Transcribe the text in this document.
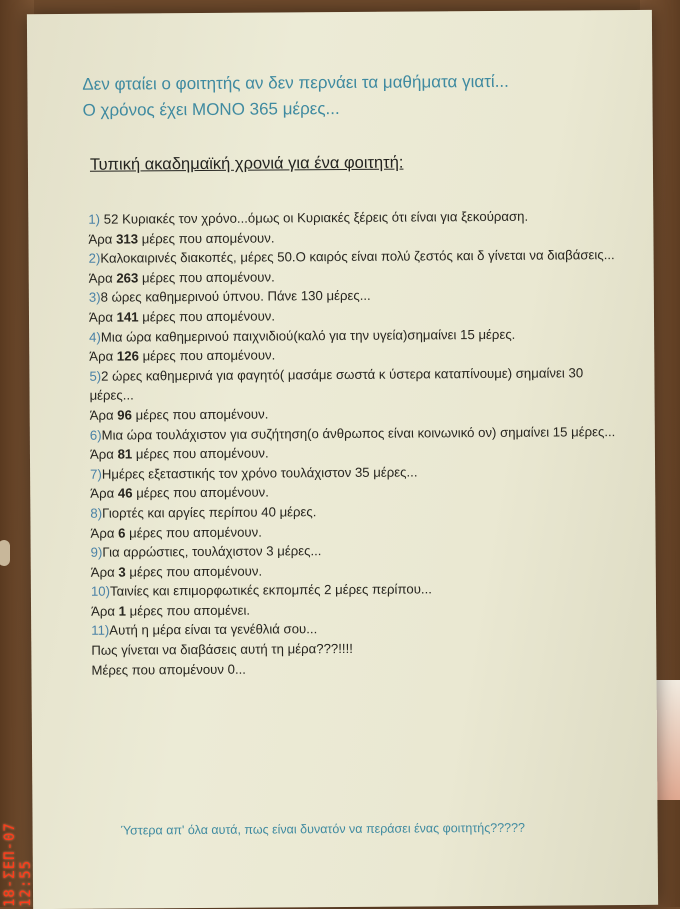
Δεν φταίει ο φοιτητής αν δεν περνάει τα μαθήματα γιατί...
Ο χρόνος έχει ΜΟΝΟ 365 μέρες...
Τυπική ακαδημαϊκή χρονιά για ένα φοιτητή:

1) 52 Κυριακές τον χρόνο...όμως οι Κυριακές ξέρεις ότι είναι για ξεκούραση.

Άρα 313 μέρες που απομένουν.

2)Καλοκαιρινές διακοπές, μέρες 50.Ο καιρός είναι πολύ ζεστός και δ γίνεται να διαβάσεις...

Άρα 263 μέρες που απομένουν.

3)8 ώρες καθημερινού ύπνου. Πάνε 130 μέρες...

Άρα 141 μέρες που απομένουν.

4)Μια ώρα καθημερινού παιχνιδιού(καλό για την υγεία)σημαίνει 15 μέρες.

Άρα 126 μέρες που απομένουν.

5)2 ώρες καθημερινά για φαγητό( μασάμε σωστά κ ύστερα καταπίνουμε) σημαίνει 30 μέρες...

Άρα 96 μέρες που απομένουν.

6)Μια ώρα τουλάχιστον για συζήτηση(ο άνθρωπος είναι κοινωνικό ον) σημαίνει 15 μέρες...

Άρα 81 μέρες που απομένουν.

7)Ημέρες εξεταστικής τον χρόνο τουλάχιστον 35 μέρες...

Άρα 46 μέρες που απομένουν.

8)Γιορτές και αργίες περίπου 40 μέρες.

Άρα 6 μέρες που απομένουν.

9)Για αρρώστιες, τουλάχιστον 3 μέρες...

Άρα 3 μέρες που απομένουν.

10)Ταινίες και επιμορφωτικές εκπομπές 2 μέρες περίπου...

Άρα 1 μέρες που απομένει.

11)Αυτή η μέρα είναι τα γενέθλιά σου...

Πως γίνεται να διαβάσεις αυτή τη μέρα???!!!!

Μέρες που απομένουν 0...

Ύστερα απ' όλα αυτά, πως είναι δυνατόν να περάσει ένας φοιτητής?????
18-ΣΕΠ-07 12:55
